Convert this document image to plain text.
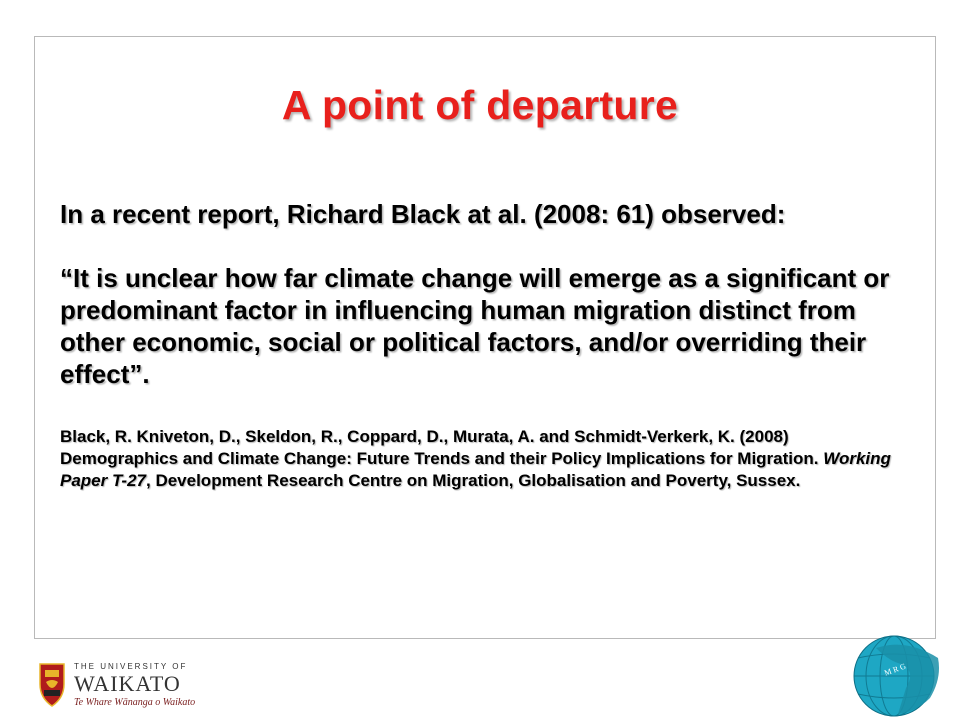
A point of departure

In a recent report, Richard Black at al. (2008: 61) observed:

“It is unclear how far climate change will emerge as a significant or predominant factor in influencing human migration distinct from other economic, social or political factors, and/or overriding their effect”.

Black, R. Kniveton, D., Skeldon, R., Coppard, D., Murata, A. and Schmidt-Verkerk, K. (2008) Demographics and Climate Change: Future Trends and their Policy Implications for Migration. Working Paper T-27, Development Research Centre on Migration, Globalisation and Poverty, Sussex.

THE UNIVERSITY OF
WAIKATO
Te Whare Wānanga o Waikato
M R G
